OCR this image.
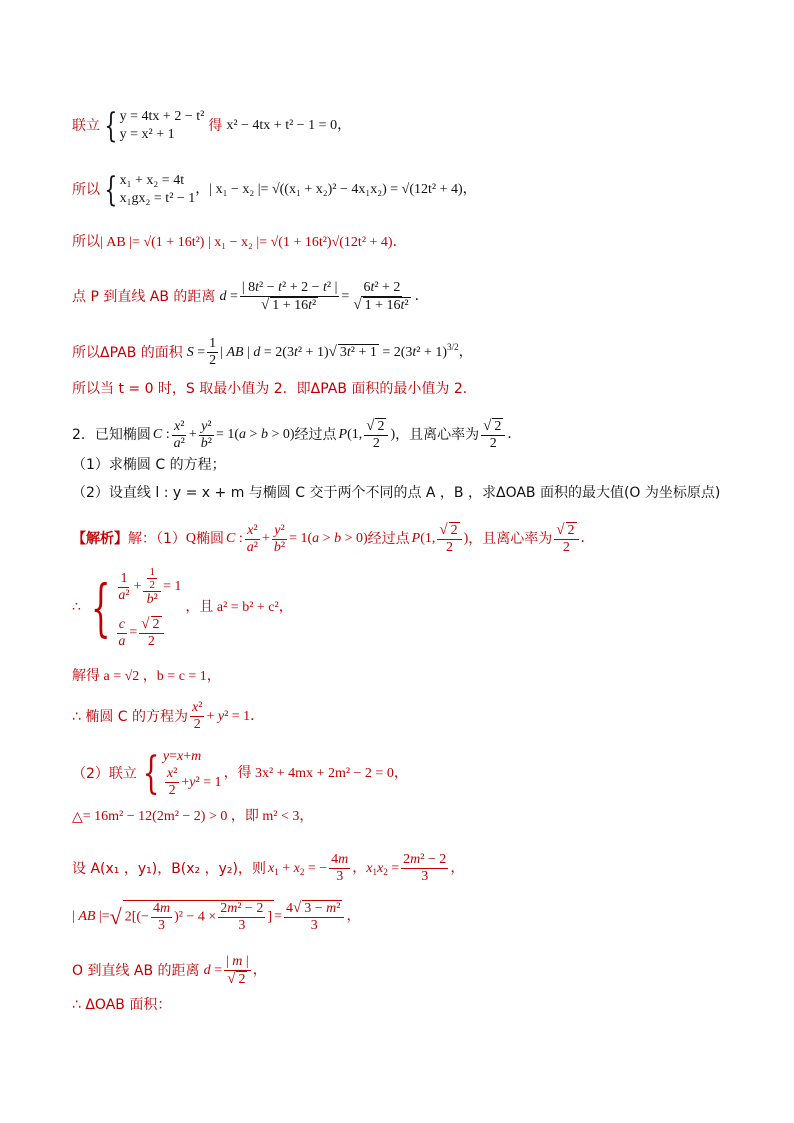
联立 { y = 4tx + 2 − t²
y = x² + 1
得 x² − 4tx + t² − 1 = 0，
所以 { x₁ + x₂ = 4t
x₁gx₂ = t² − 1
，| x₁ − x₂ |= √((x₁ + x₂)² − 4x₁x₂) = √(12t² + 4)，
所以| AB |= √(1 + 16t²) | x₁ − x₂ |= √(1 + 16t²)√(12t² + 4)．
点 P 到直线 AB 的距离 $d = \frac{\text{| 8t² − t² + 2 − t² |}}{\text{√ 1 + 16t²}} = \frac{\text{6t² + 2}}{\text{√ 1 + 16t²}}$ ．
所以ΔPAB 的面积 $S = \frac{1}{2}$ | AB | d = 2(3t² + 1)√ $3t^2 + 1 = 2(3t^2 + 1)^{3/2}$，
所以当 t = 0 时，S 取最小值为 2．即ΔPAB 面积的最小值为 2．
2．已知椭圆 C : $\frac{\text{x²}}{\text{a²}} + \frac{\text{y²}}{\text{b²}} = 1(a > b > 0)$ 经过点 P(1, $\frac{√ 2}{2}$ ) ，且离心率为 $\frac{√ 2}{2}$ ．
（1）求椭圆 C 的方程；
（2）设直线 l : y = x + m 与椭圆 C 交于两个不同的点 A ，B ，求ΔOAB 面积的最大值(O 为坐标原点)
【解析】 解：（1） Q 椭圆 C : $\frac{\text{x²}}{\text{a²}} + \frac{\text{y²}}{\text{b²}} = 1(a > b > 0)$ 经过点 P(1, $\frac{√ 2}{2}$ ) ，且离心率为 $\frac{√ 2}{2}$ ．
∴ { $\frac{1}{\text{a²}} + \frac{\frac{1}{2}}{\text{b²}} = 1$
$\frac{c}{a} = \frac{√ 2}{2}$
，且 a² = b² + c²，
解得 a = √2 ，b = c = 1，
∴ 椭圆 C 的方程为 $\frac{\text{x²}}{2} + y^2 = 1$．
（2）联立 { y = x + m
$\frac{\text{x²}}{2} + y$ ² = 1
，得 3x² + 4mx + 2m² − 2 = 0，
△ = 16m² − 12(2m² − 2) > 0 ，即 m² < 3，
设 A(x₁ ，y₁)，B(x₂ ，y₂)，则 $x_1 + x_2$ = − $\frac{4m}{3}$ ，$x_1x_2 = \frac{\text{2m² − 2}}{3}$ ，
| AB |= √ $2[(- \frac{4m}{3} )^2 - 4 \times \frac{\text{2m² − 2}}{3}$ ] = $\frac{\text{4√ 3 − m²}}{3}$ ，
O 到直线 AB 的距离 $d = \frac{| m |}{√ 2}$ ，
∴ ΔOAB 面积：
